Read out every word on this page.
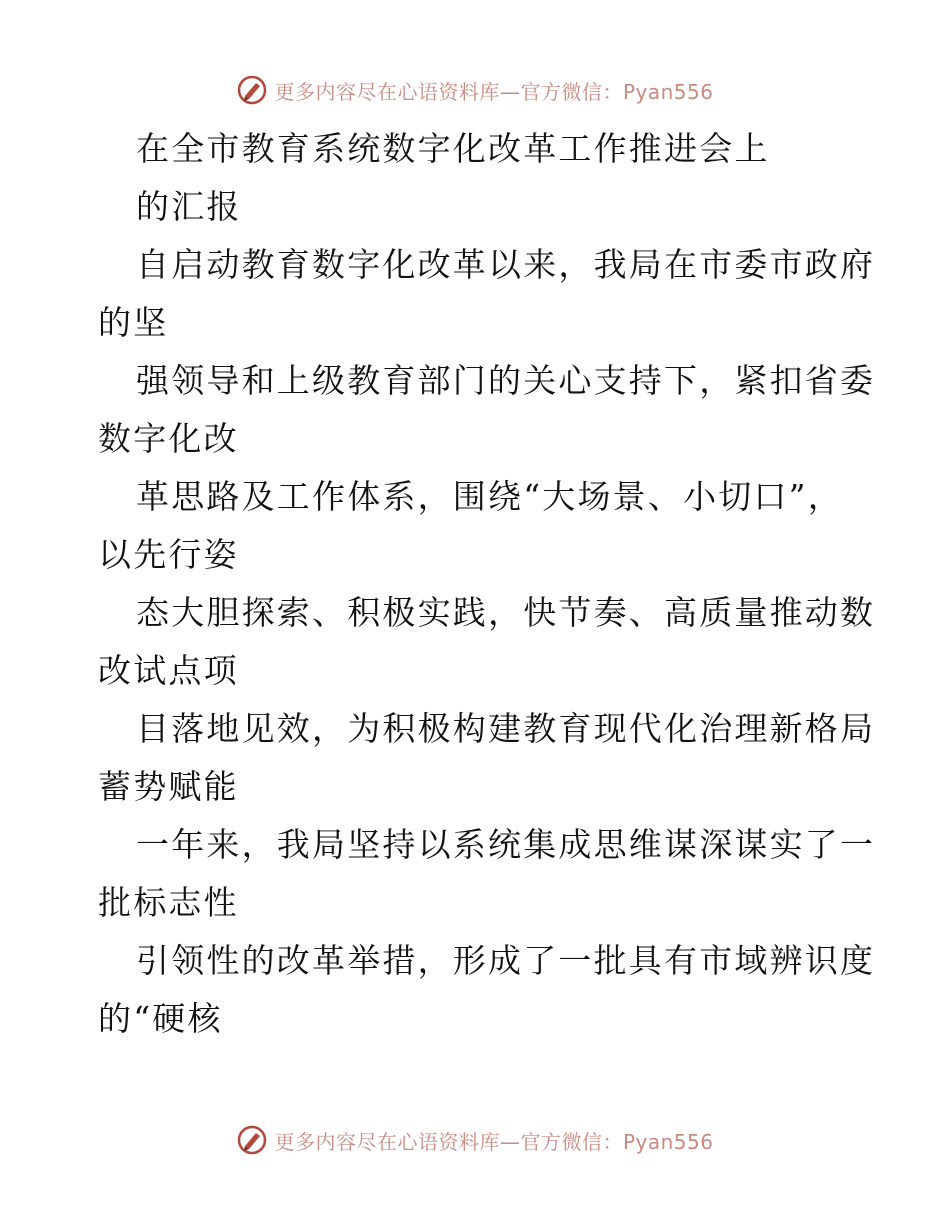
更多内容尽在心语资料库—官方微信：Pyan556
在全市教育系统数字化改革工作推进会上
的汇报
自启动教育数字化改革以来，我局在市委市政府
的坚
强领导和上级教育部门的关心支持下，紧扣省委
数字化改
革思路及工作体系，围绕“大场景、小切口”，
以先行姿
态大胆探索、积极实践，快节奏、高质量推动数
改试点项
目落地见效，为积极构建教育现代化治理新格局
蓄势赋能
一年来，我局坚持以系统集成思维谋深谋实了一
批标志性
引领性的改革举措，形成了一批具有市域辨识度
的“硬核
更多内容尽在心语资料库—官方微信：Pyan556
